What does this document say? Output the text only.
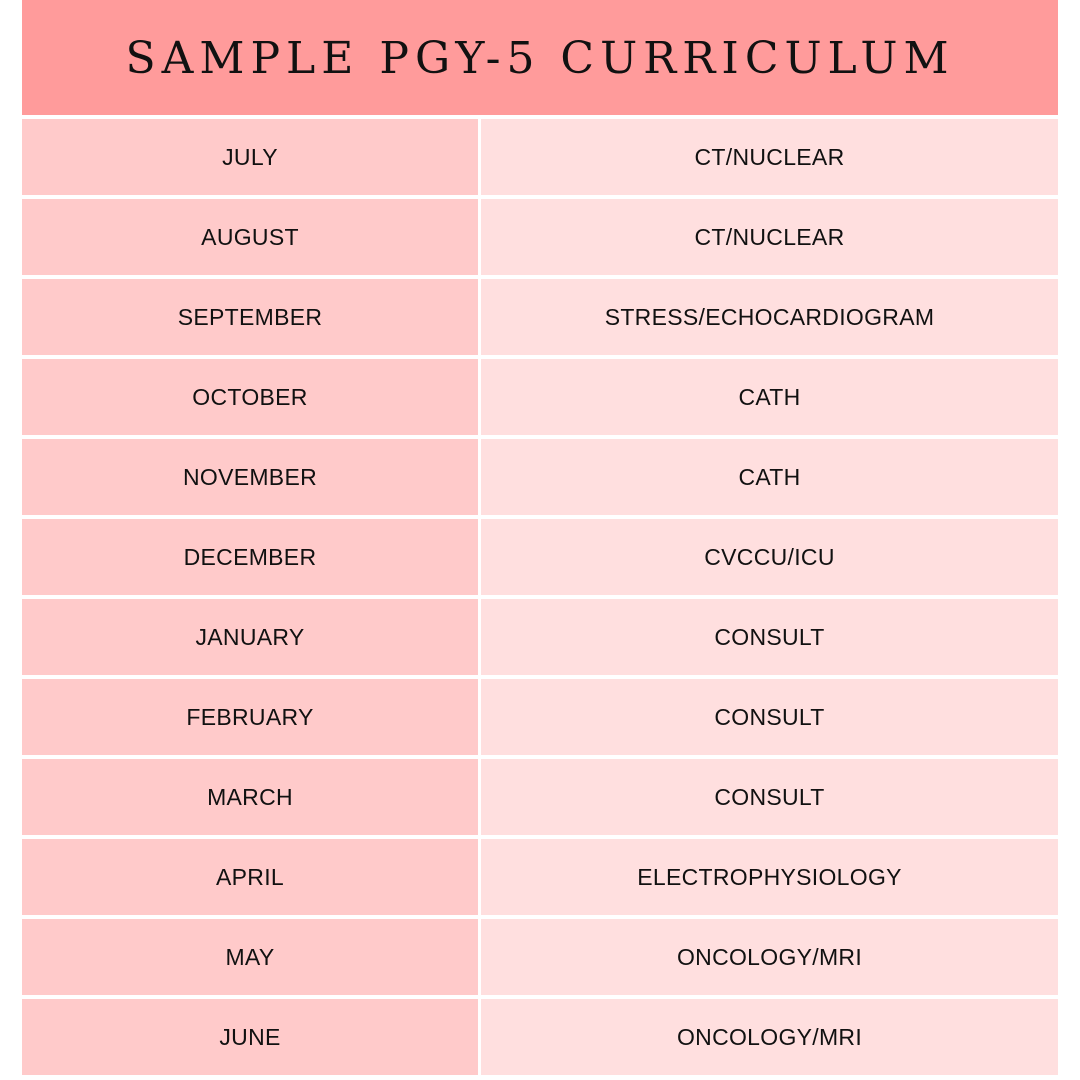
SAMPLE PGY-5 CURRICULUM
JULY	CT/NUCLEAR
AUGUST	CT/NUCLEAR
SEPTEMBER	STRESS/ECHOCARDIOGRAM
OCTOBER	CATH
NOVEMBER	CATH
DECEMBER	CVCCU/ICU
JANUARY	CONSULT
FEBRUARY	CONSULT
MARCH	CONSULT
APRIL	ELECTROPHYSIOLOGY
MAY	ONCOLOGY/MRI
JUNE	ONCOLOGY/MRI
